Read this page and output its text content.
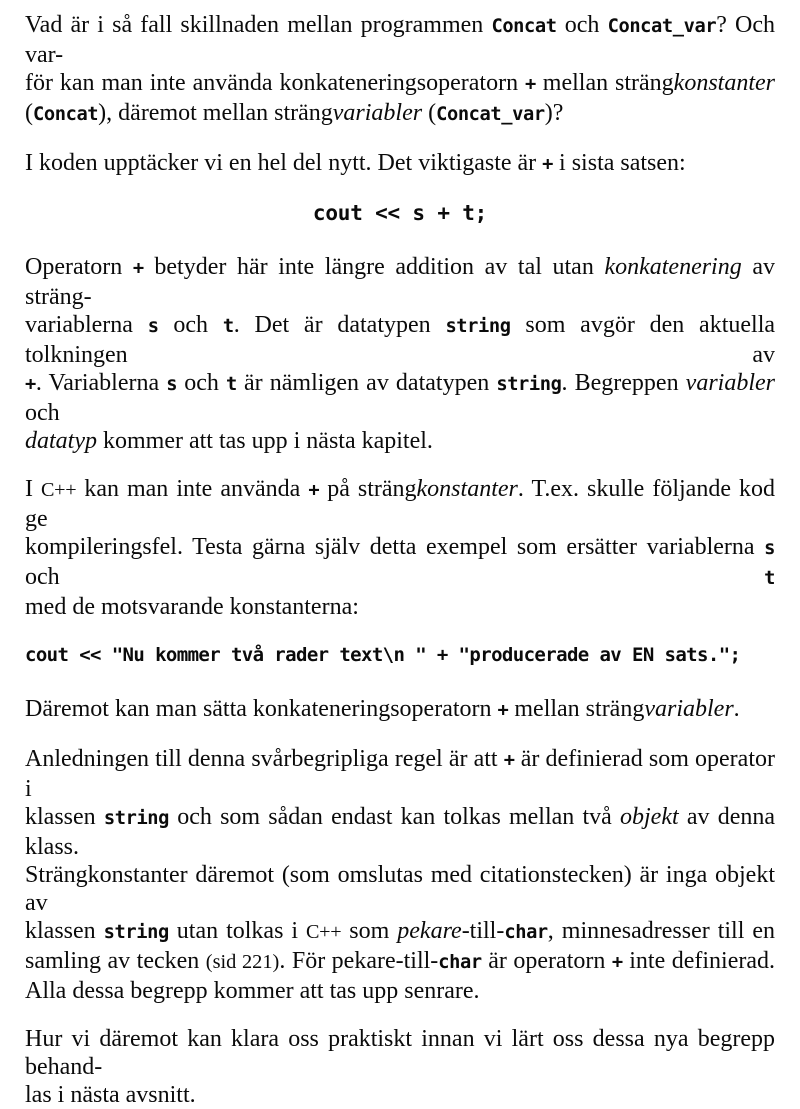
Vad är i så fall skillnaden mellan programmen Concat och Concat_var? Och var-
för kan man inte använda konkateneringsoperatorn + mellan strängkonstanter
(Concat), däremot mellan strängvariabler (Concat_var)?
I koden upptäcker vi en hel del nytt. Det viktigaste är + i sista satsen:
cout << s + t;
Operatorn + betyder här inte längre addition av tal utan konkatenering av sträng-
variablerna s och t. Det är datatypen string som avgör den aktuella tolkningen av
+. Variablerna s och t är nämligen av datatypen string. Begreppen variabler och
datatyp kommer att tas upp i nästa kapitel.
I C++ kan man inte använda + på strängkonstanter. T.ex. skulle följande kod ge
kompileringsfel. Testa gärna själv detta exempel som ersätter variablerna s och t
med de motsvarande konstanterna:
cout << "Nu kommer två rader text\n " + "producerade av EN sats.";
Däremot kan man sätta konkateneringsoperatorn + mellan strängvariabler.
Anledningen till denna svårbegripliga regel är att + är definierad som operator i
klassen string och som sådan endast kan tolkas mellan två objekt av denna klass.
Strängkonstanter däremot (som omslutas med citationstecken) är inga objekt av
klassen string utan tolkas i C++ som pekare-till-char, minnesadresser till en
samling av tecken (sid 221). För pekare-till-char är operatorn + inte definierad.
Alla dessa begrepp kommer att tas upp senrare.
Hur vi däremot kan klara oss praktiskt innan vi lärt oss dessa nya begrepp behand-
las i nästa avsnitt.
